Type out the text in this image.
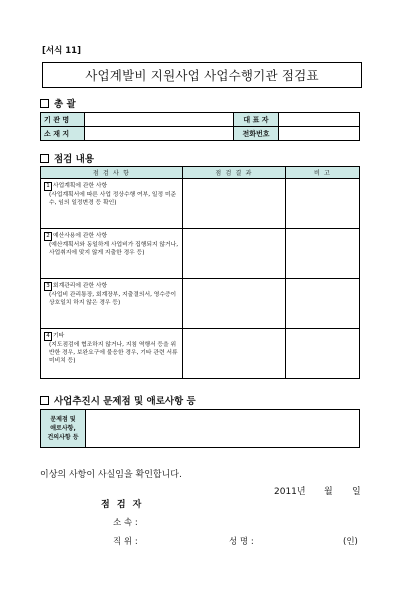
[서식 11]
사업계발비 지원사업 사업수행기관 점검표
총 괄
기 관 명		대 표 자	
소 재 지		전화번호	
점검 내용
점 검 사 항	점 검 결 과	비 고

1 사업계획에 관한 사항
(사업계획서에 따른 사업 정상수행 여부, 일정 미준수, 임의 일정변경 등 확인)		

2 예산사용에 관한 사항
(예산계획서와 동일하게 사업비가 집행되지 않거나, 사업취지에 맞지 않게 지출한 경우 등)		

3 회계관리에 관한 사항
(사업비 관리통장, 회계장부, 지출결의서, 영수증이 상호일치 하지 않은 경우 등)		

4 기타
(지도점검에 협조하지 않거나, 지침 역행서 등을 위반한 경우, 보완요구에 불응한 경우, 기타 관련 서류 미비치 등)		

사업추진시 문제점 및 애로사항 등
문제점 및
애로사항,
건의사항 등	
이상의 사항이 사실임을 확인합니다.
2011년 월 일
점 검 자
소 속 :
직 위 :	성 명 :	(인)
